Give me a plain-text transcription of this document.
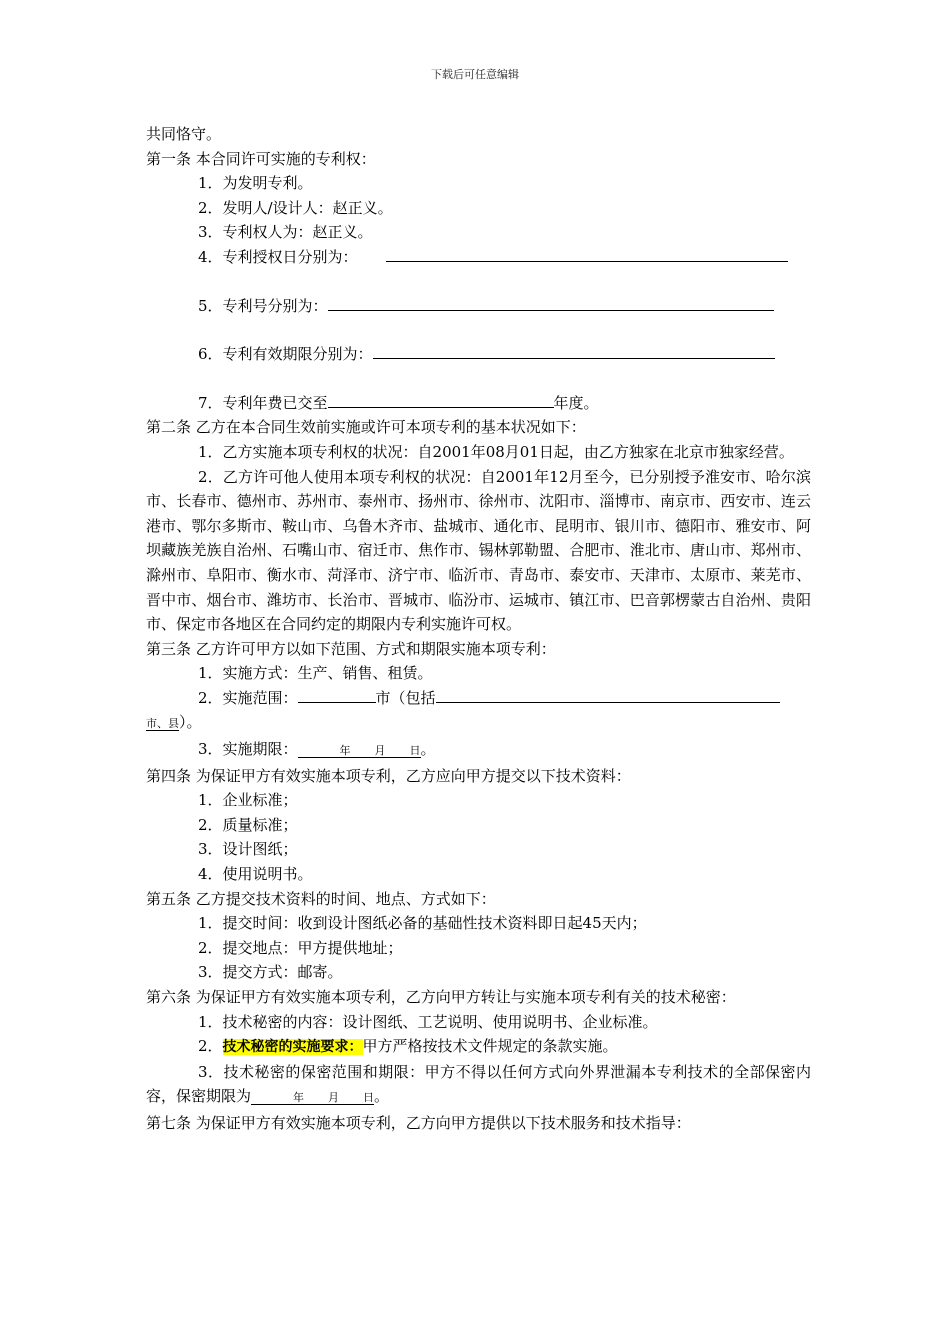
下载后可任意编辑

共同恪守。

第一条 本合同许可实施的专利权：

1．为发明专利。

2．发明人/设计人：赵正义。

3．专利权人为：赵正义。

4．专利授权日分别为：

5．专利号分别为：

6．专利有效期限分别为：

7．专利年费已交至	年度。

第二条 乙方在本合同生效前实施或许可本项专利的基本状况如下：

1．乙方实施本项专利权的状况：自2001年08月01日起，由乙方独家在北京市独家经营。

2．乙方许可他人使用本项专利权的状况：自2001年12月至今，已分别授予淮安市、哈尔滨市、长春市、德州市、苏州市、泰州市、扬州市、徐州市、沈阳市、淄博市、南京市、西安市、连云港市、鄂尔多斯市、鞍山市、乌鲁木齐市、盐城市、通化市、昆明市、银川市、德阳市、雅安市、阿坝藏族羌族自治州、石嘴山市、宿迁市、焦作市、锡林郭勒盟、合肥市、淮北市、唐山市、郑州市、滁州市、阜阳市、衡水市、菏泽市、济宁市、临沂市、青岛市、泰安市、天津市、太原市、莱芜市、晋中市、烟台市、潍坊市、长治市、晋城市、临汾市、运城市、镇江市、巴音郭楞蒙古自治州、贵阳市、保定市各地区在合同约定的期限内专利实施许可权。

第三条 乙方许可甲方以如下范围、方式和期限实施本项专利：

1．实施方式：生产、销售、租赁。

2．实施范围：	市（包括

市、县）。

3．实施期限：	年 月 日。

第四条 为保证甲方有效实施本项专利，乙方应向甲方提交以下技术资料：

1．企业标准；

2．质量标准；

3．设计图纸；

4．使用说明书。

第五条 乙方提交技术资料的时间、地点、方式如下：

1．提交时间：收到设计图纸必备的基础性技术资料即日起45天内；

2．提交地点：甲方提供地址；

3．提交方式：邮寄。

第六条 为保证甲方有效实施本项专利，乙方向甲方转让与实施本项专利有关的技术秘密：

1．技术秘密的内容：设计图纸、工艺说明、使用说明书、企业标准。

2．技术秘密的实施要求：甲方严格按技术文件规定的条款实施。

3．技术秘密的保密范围和期限：甲方不得以任何方式向外界泄漏本专利技术的全部保密内容，保密期限为	年 月 日。

第七条 为保证甲方有效实施本项专利，乙方向甲方提供以下技术服务和技术指导：
